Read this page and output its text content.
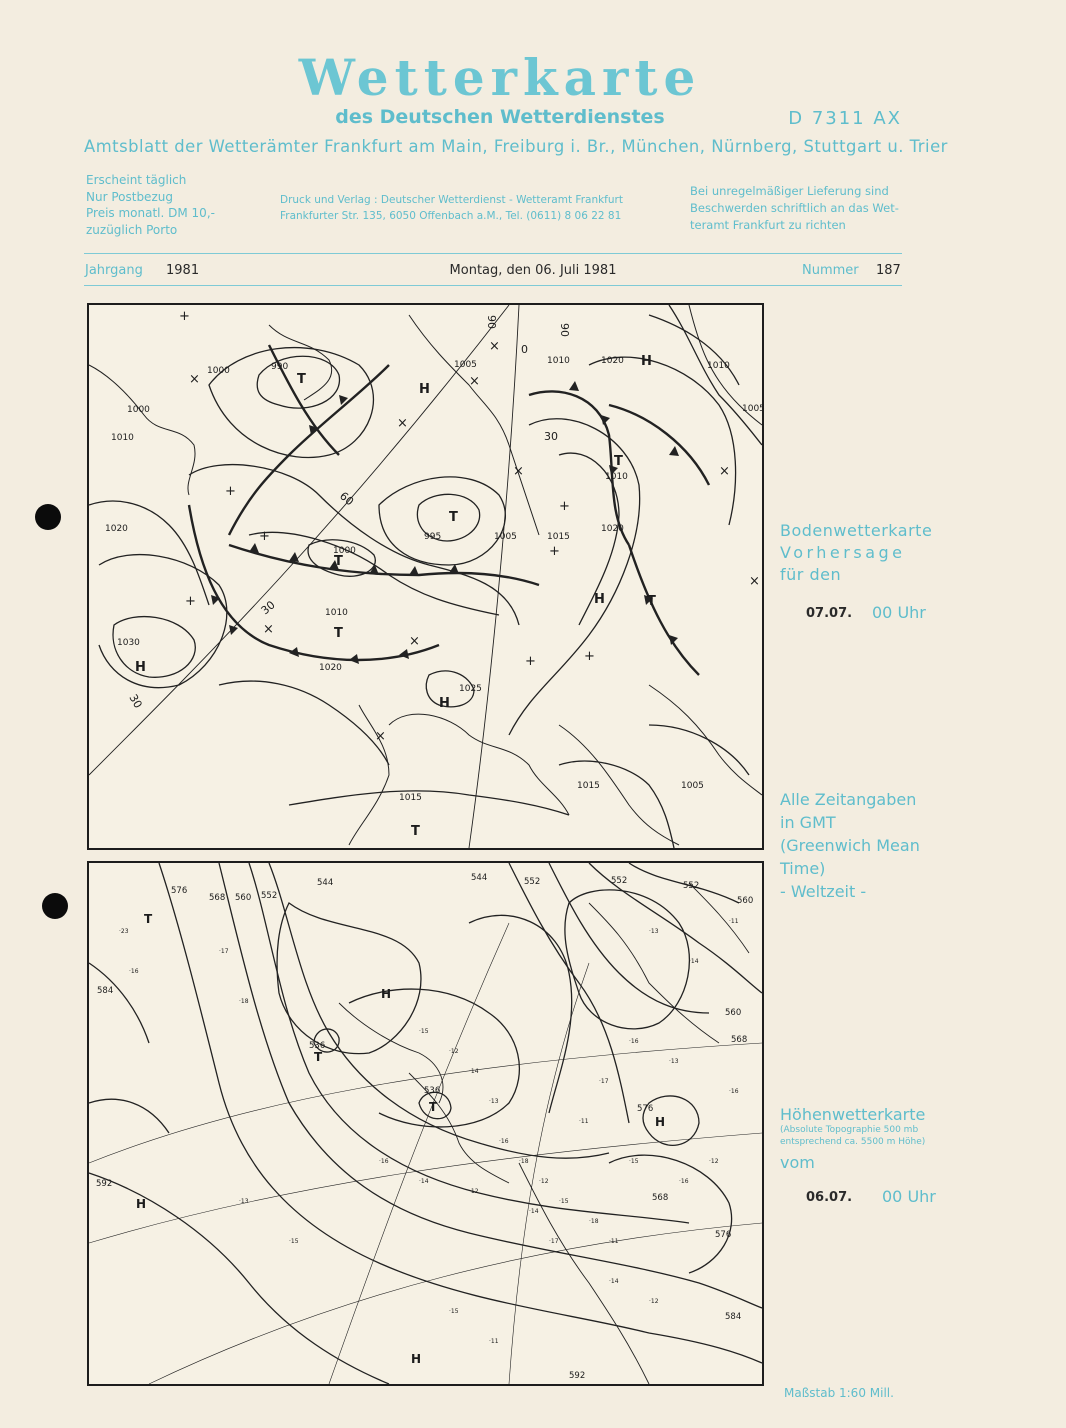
Wetterkarte
des Deutschen Wetterdienstes	D 7311 AX
Amtsblatt der Wetterämter Frankfurt am Main, Freiburg i. Br., München, Nürnberg, Stuttgart u. Trier
Erscheint täglich
Nur Postbezug
Preis monatl. DM 10,-
zuzüglich Porto
Druck und Verlag : Deutscher Wetterdienst - Wetteramt Frankfurt
Frankfurter Str. 135, 6050 Offenbach a.M., Tel. (0611) 8 06 22 81
Bei unregelmäßiger Lieferung sind
Beschwerden schriftlich an das Wet-
teramt Frankfurt zu richten
Jahrgang 1981	Montag, den 06. Juli 1981	Nummer 187
H
H
H
H
H
T
T
T
T
T
T
T
+
+
+
+
+
+
+
+
×
×
×
×	×
×
×
×
×
×
1000	990	1005	1010	1020	1010
1005
1000
1010
1020
1010
1000
995	1005	1015
1020
1010
1030
1020
1025
1015
1015	1005
60
30
30
30
90
0
90
Bodenwetterkarte
Vorhersage
für den
07.07. 00 Uhr
Alle Zeitangaben
in GMT
(Greenwich Mean
Time)
- Weltzeit -
T
T
T
H
H
H
H
576
568 560 552
544	544	552	552	552
560
584
536
536
576
568
560
568
592
576
584
592
·23
·16
·17
·18
·15
·12
·14
·13
·16
·18
·12
·15
·18
·11
·14
·17
·15
·16
·12
·13
·16
·17
·11
·14
·12
·15
·13
·16
·14
·12
·15
·11
·16
·14
·13
·11
Höhenwetterkarte
(Absolute Topographie 500 mb
entsprechend ca. 5500 m Höhe)
vom
06.07. 00 Uhr
Maßstab 1:60 Mill.
